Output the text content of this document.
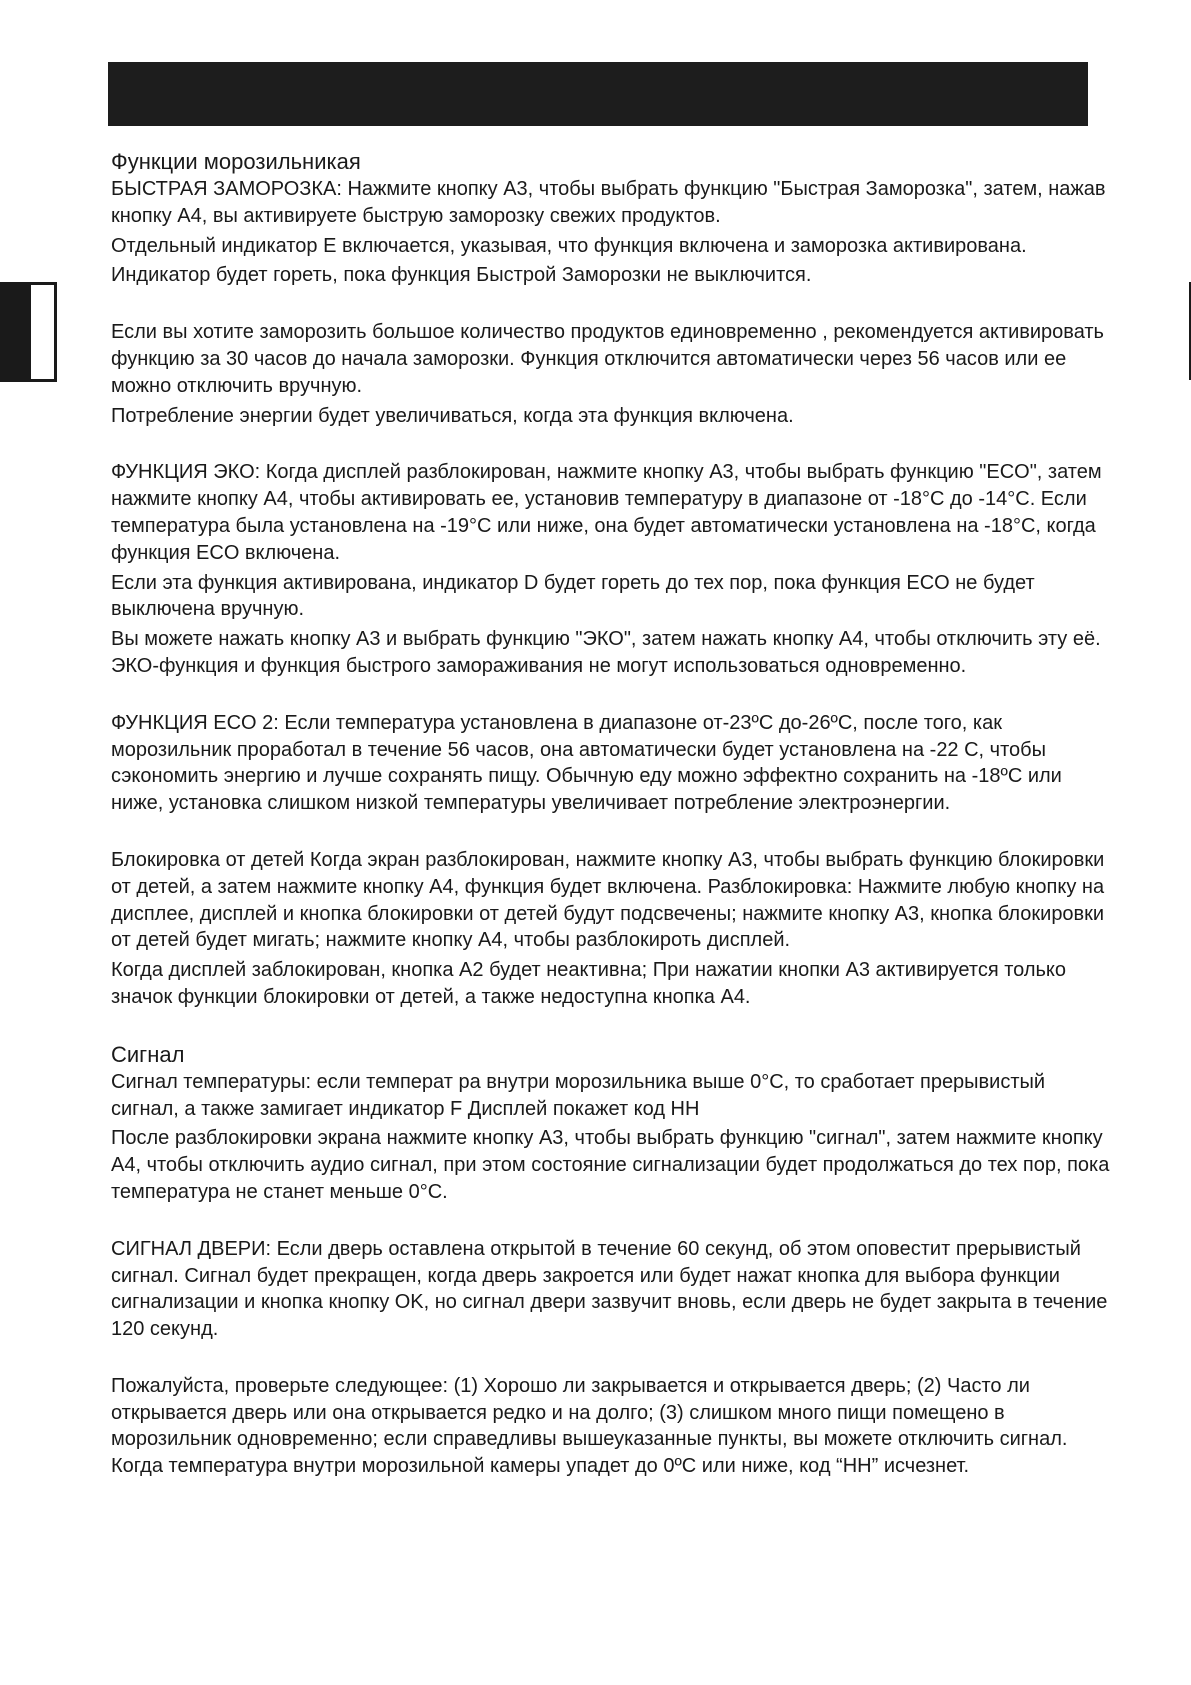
Функции морозильникая

БЫСТРАЯ ЗАМОРОЗКА: Нажмите кнопку A3, чтобы выбрать функцию "Быстрая Заморозка", затем, нажав кнопку A4, вы активируете быструю заморозку свежих продуктов.

Отдельный индикатор E включается, указывая, что функция включена и заморозка активирована.

Индикатор будет гореть, пока функция Быстрой Заморозки не выключится.

Если вы хотите заморозить большое количество продуктов единовременно , рекомендуется активировать функцию за 30 часов до начала заморозки. Функция отключится автоматически через 56 часов или ее можно отключить вручную.

Потребление энергии будет увеличиваться, когда эта функция включена.

ФУНКЦИЯ ЭКО: Когда дисплей разблокирован, нажмите кнопку A3, чтобы выбрать функцию "ECO", затем нажмите кнопку A4, чтобы активировать ее, установив температуру в диапазоне от -18°C до -14°C. Если температура была установлена на -19°C или ниже, она будет автоматически установлена на -18°C, когда функция ECO включена.

Если эта функция активирована, индикатор D будет гореть до тех пор, пока функция ECO не будет выключена вручную.

Вы можете нажать кнопку A3 и выбрать функцию "ЭКО", затем нажать кнопку A4, чтобы отключить эту её. ЭКО-функция и функция быстрого замораживания не могут использоваться одновременно.

ФУНКЦИЯ ECO 2: Если температура установлена в диапазоне от-23ºC до-26ºC, после того, как морозильник проработал в течение 56 часов, она автоматически будет установлена на -22 C, чтобы сэкономить энергию и лучше сохранять пищу. Обычную еду можно эффектно сохранить на -18ºC или ниже, установка слишком низкой температуры увеличивает потребление электроэнергии.

Блокировка от детей Когда экран разблокирован, нажмите кнопку A3, чтобы выбрать функцию блокировки от детей, а затем нажмите кнопку A4, функция будет включена. Разблокировка: Нажмите любую кнопку на дисплее, дисплей и кнопка блокировки от детей будут подсвечены; нажмите кнопку A3, кнопка блокировки от детей будет мигать; нажмите кнопку A4, чтобы разблокироть дисплей.

Когда дисплей заблокирован, кнопка A2 будет неактивна; При нажатии кнопки A3 активируется только значок функции блокировки от детей, а также недоступна кнопка A4.

Сигнал

Сигнал температуры: если температ ра внутри морозильника выше 0°C, то сработает прерывистый сигнал, а также замигает индикатор F Дисплей покажет код HH

После разблокировки экрана нажмите кнопку A3, чтобы выбрать функцию "сигнал", затем нажмите кнопку A4, чтобы отключить аудио сигнал, при этом состояние сигнализации будет продолжаться до тех пор, пока температура не станет меньше 0°C.

СИГНАЛ ДВЕРИ: Если дверь оставлена открытой в течение 60 секунд, об этом оповестит прерывистый сигнал. Сигнал будет прекращен, когда дверь закроется или будет нажат кнопка для выбора функции сигнализации и кнопка кнопку OK, но сигнал двери зазвучит вновь, если дверь не будет закрыта в течение 120 секунд.

Пожалуйста, проверьте следующее: (1) Хорошо ли закрывается и открывается дверь; (2) Часто ли открывается дверь или она открывается редко и на долго; (3) слишком много пищи помещено в морозильник одновременно; если справедливы вышеуказанные пункты, вы можете отключить сигнал. Когда температура внутри морозильной камеры упадет до 0ºC или ниже, код “HH” исчезнет.
